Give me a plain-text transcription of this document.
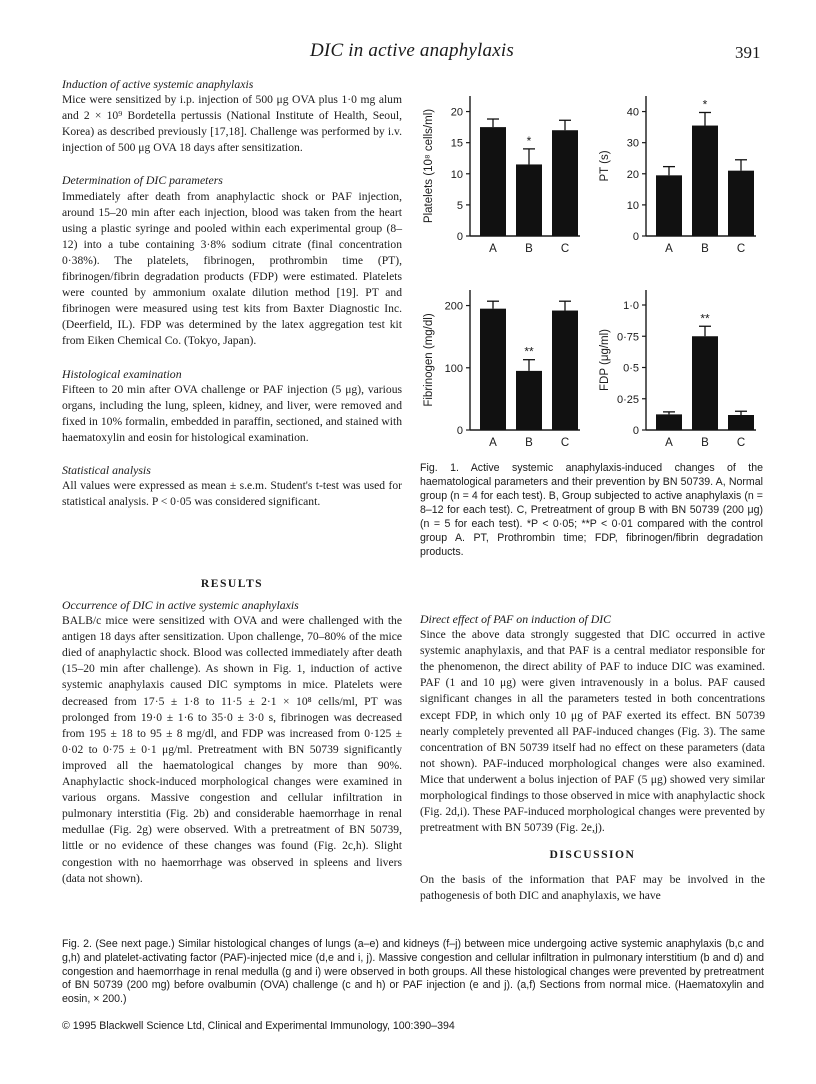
DIC in active anaphylaxis	391
Induction of active systemic anaphylaxis

Mice were sensitized by i.p. injection of 500 μg OVA plus 1·0 mg alum and 2 × 10⁹ Bordetella pertussis (National Institute of Health, Seoul, Korea) as described previously [17,18]. Challenge was performed by i.v. injection of 500 μg OVA 18 days after sensitization.

Determination of DIC parameters

Immediately after death from anaphylactic shock or PAF injection, around 15–20 min after each injection, blood was taken from the heart using a plastic syringe and pooled within each experimental group (8–12) into a tube containing 3·8% sodium citrate (final concentration 0·38%). The platelets, fibrinogen, prothrombin time (PT), fibrinogen/fibrin degradation products (FDP) were estimated. Platelets were counted by ammonium oxalate dilution method [19]. PT and fibrinogen were measured using test kits from Baxter Diagnostic Inc. (Deerfield, IL). FDP was determined by the latex aggregation test kit from Eiken Chemical Co. (Tokyo, Japan).

Histological examination

Fifteen to 20 min after OVA challenge or PAF injection (5 μg), various organs, including the lung, spleen, kidney, and liver, were removed and fixed in 10% formalin, embedded in paraffin, sectioned, and stained with haematoxylin and eosin for histological examination.

Statistical analysis

All values were expressed as mean ± s.e.m. Student's t-test was used for statistical analysis. P < 0·05 was considered significant.

RESULTS
Occurrence of DIC in active systemic anaphylaxis

BALB/c mice were sensitized with OVA and were challenged with the antigen 18 days after sensitization. Upon challenge, 70–80% of the mice died of anaphylactic shock. Blood was collected immediately after death (15–20 min after challenge). As shown in Fig. 1, induction of active systemic anaphylaxis caused DIC symptoms in mice. Platelets were decreased from 17·5 ± 1·8 to 11·5 ± 2·1 × 10⁸ cells/ml, PT was prolonged from 19·0 ± 1·6 to 35·0 ± 3·0 s, fibrinogen was decreased from 195 ± 18 to 95 ± 8 mg/dl, and FDP was increased from 0·125 ± 0·02 to 0·75 ± 0·1 μg/ml. Pretreatment with BN 50739 significantly improved all the haematological changes by more than 90%. Anaphylactic shock-induced morphological changes were examined in various organs. Massive congestion and cellular infiltration in pulmonary interstitia (Fig. 2b) and considerable haemorrhage in renal medullae (Fig. 2g) were observed. With a pretreatment of BN 50739, little or no evidence of these changes was found (Fig. 2c,h). Slight congestion with no haemorrhage was observed in spleens and livers (data not shown).

0
5
10
15
20
Platelets (10⁸ cells/ml)
A
*
B C
0
10
20
30
40
PT (s)
A
*
B C
0
100
200
Fibrinogen (mg/dl)
A
**
B C
0
0·25
0·5
0·75
1·0
FDP (μg/ml)
A
**
B C
Fig. 1. Active systemic anaphylaxis-induced changes of the haematological parameters and their prevention by BN 50739. A, Normal group (n = 4 for each test). B, Group subjected to active anaphylaxis (n = 8–12 for each test). C, Pretreatment of group B with BN 50739 (200 μg) (n = 5 for each test). *P < 0·05; **P < 0·01 compared with the control group A. PT, Prothrombin time; FDP, fibrinogen/fibrin degradation products.
Direct effect of PAF on induction of DIC

Since the above data strongly suggested that DIC occurred in active systemic anaphylaxis, and that PAF is a central mediator responsible for the phenomenon, the direct ability of PAF to induce DIC was examined. PAF (1 and 10 μg) were given intravenously in a bolus. PAF caused significant changes in all the parameters tested in both concentrations except FDP, in which only 10 μg of PAF exerted its effect. BN 50739 nearly completely prevented all PAF-induced changes (Fig. 3). The same concentration of BN 50739 itself had no effect on these parameters (data not shown). PAF-induced morphological changes were also examined. Mice that underwent a bolus injection of PAF (5 μg) showed very similar morphological findings to those observed in mice with anaphylactic shock (Fig. 2d,i). These PAF-induced morphological changes were prevented by pretreatment with BN 50739 (Fig. 2e,j).

DISCUSSION

On the basis of the information that PAF may be involved in the pathogenesis of both DIC and anaphylaxis, we have

Fig. 2. (See next page.) Similar histological changes of lungs (a–e) and kidneys (f–j) between mice undergoing active systemic anaphylaxis (b,c and g,h) and platelet-activating factor (PAF)-injected mice (d,e and i, j). Massive congestion and cellular infiltration in pulmonary interstitium (b and d) and congestion and haemorrhage in renal medulla (g and i) were observed in both groups. All these histological changes were prevented by pretreatment of BN 50739 (200 mg) before ovalbumin (OVA) challenge (c and h) or PAF injection (e and j). (a,f) Sections from normal mice. (Haematoxylin and eosin, × 200.)
© 1995 Blackwell Science Ltd, Clinical and Experimental Immunology, 100:390–394
